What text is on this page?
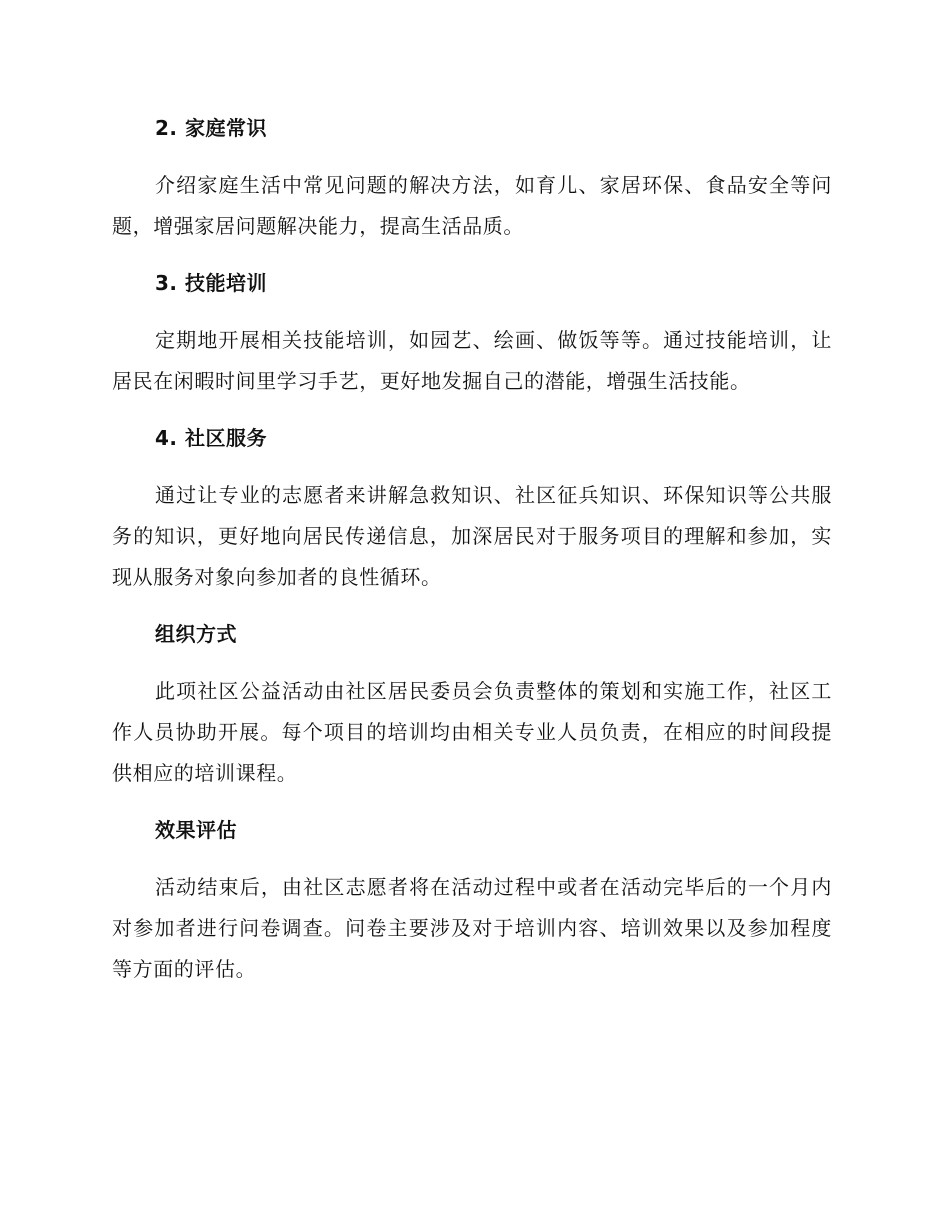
2. 家庭常识

介绍家庭生活中常见问题的解决方法，如育儿、家居环保、食品安全等问题，增强家居问题解决能力，提高生活品质。

3. 技能培训

定期地开展相关技能培训，如园艺、绘画、做饭等等。通过技能培训，让居民在闲暇时间里学习手艺，更好地发掘自己的潜能，增强生活技能。

4. 社区服务

通过让专业的志愿者来讲解急救知识、社区征兵知识、环保知识等公共服务的知识，更好地向居民传递信息，加深居民对于服务项目的理解和参加，实现从服务对象向参加者的良性循环。

组织方式

此项社区公益活动由社区居民委员会负责整体的策划和实施工作，社区工作人员协助开展。每个项目的培训均由相关专业人员负责，在相应的时间段提供相应的培训课程。

效果评估

活动结束后，由社区志愿者将在活动过程中或者在活动完毕后的一个月内对参加者进行问卷调查。问卷主要涉及对于培训内容、培训效果以及参加程度等方面的评估。
